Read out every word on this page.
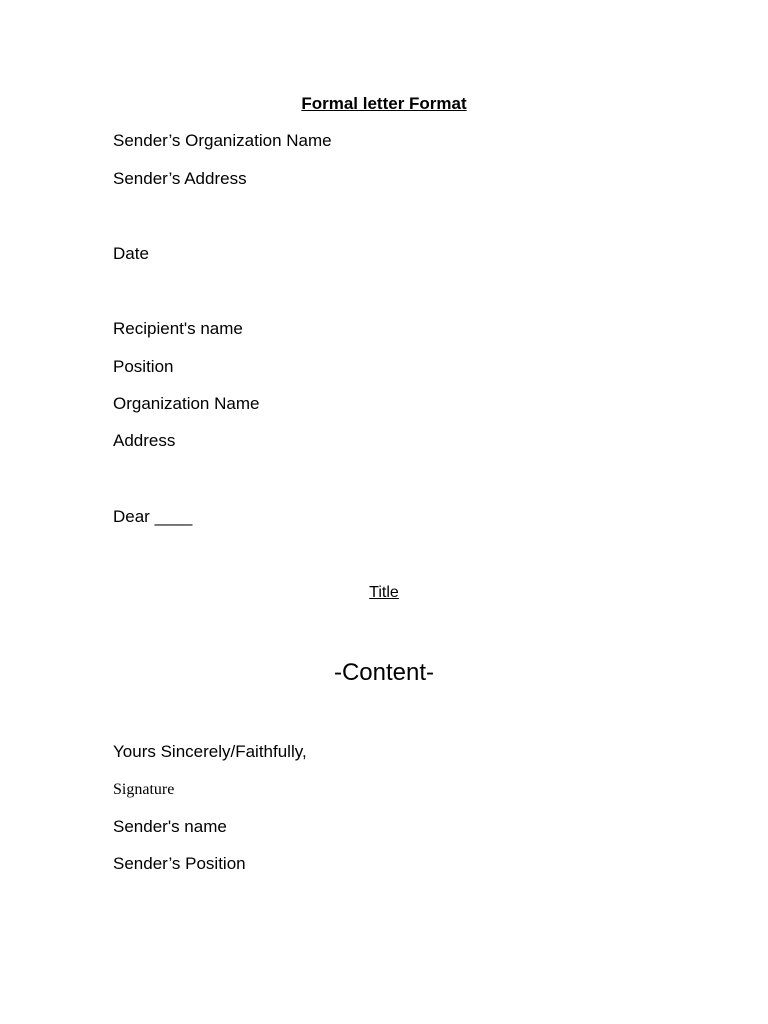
Formal letter Format
Sender’s Organization Name
Sender’s Address
Date
Recipient's name
Position
Organization Name
Address
Dear ____
Title
-Content-
Yours Sincerely/Faithfully,
Signature
Sender's name
Sender’s Position
